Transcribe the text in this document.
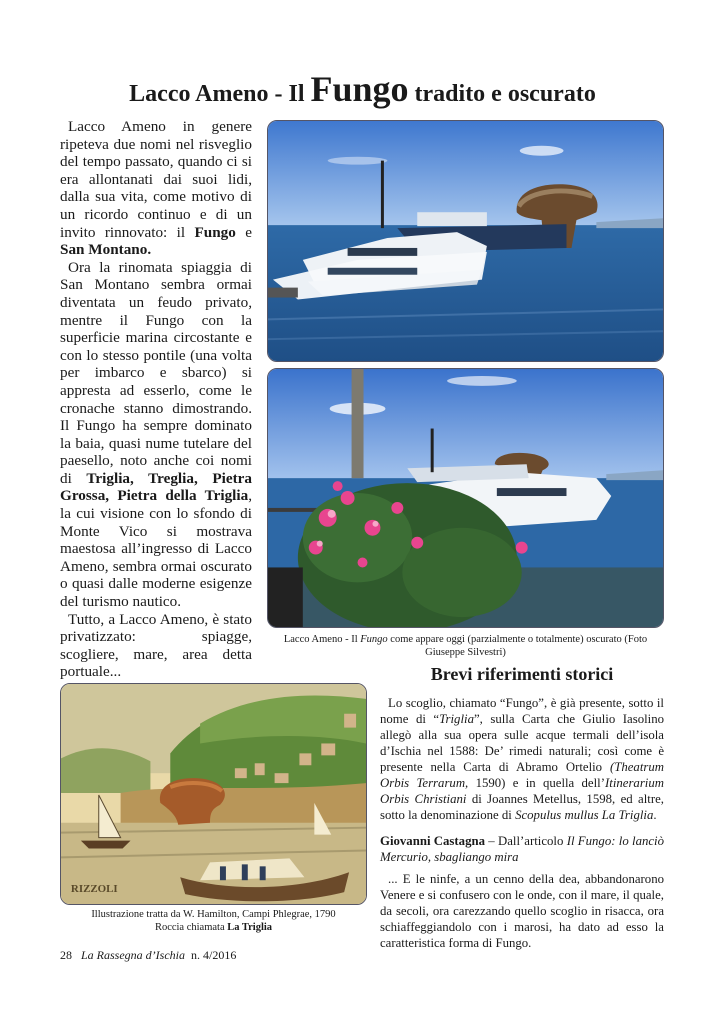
Lacco Ameno - Il Fungo tradito e oscurato

Lacco Ameno in genere ripeteva due nomi nel risveglio del tempo passato, quando ci si era allontanati dai suoi lidi, dalla sua vita, come motivo di un ricordo continuo e di un invito rinnovato: il Fungo e San Montano.

Ora la rinomata spiaggia di San Montano sembra ormai diventata un feudo privato, mentre il Fungo con la superficie marina circostante e con lo stesso pontile (una volta per imbarco e sbarco) si appresta ad esserlo, come le cronache stanno dimostrando. Il Fungo ha sempre dominato la baia, quasi nume tutelare del paesello, noto anche coi nomi di Triglia, Treglia, Pietra Grossa, Pietra della Triglia, la cui visione con lo sfondo di Monte Vico si mostrava maestosa all’ingresso di Lacco Ameno, sembra ormai oscurato o quasi dalle moderne esigenze del turismo nautico.

Tutto, a Lacco Ameno, è stato privatizzato: spiagge, scogliere, mare, area detta portuale...

Lacco Ameno - Il Fungo come appare oggi (parzialmente o totalmente) oscurato (Foto Giuseppe Silvestri)
Brevi riferimenti storici
RIZZOLI
Illustrazione tratta da W. Hamilton, Campi Phlegrae, 1790
Roccia chiamata La Triglia

Lo scoglio, chiamato “Fungo”, è già presente, sotto il nome di “Triglia”, sulla Carta che Giulio Iasolino allegò alla sua opera sulle acque termali dell’isola d’Ischia nel 1588: De’ rimedi naturali; così come è presente nella Carta di Abramo Ortelio (Theatrum Orbis Terrarum, 1590) e in quella dell’Itinerarium Orbis Christiani di Joannes Metellus, 1598, ed altre, sotto la denominazione di Scopulus mullus La Triglia.

Giovanni Castagna – Dall’articolo Il Fungo: lo lanciò Mercurio, sbagliango mira

... E le ninfe, a un cenno della dea, abbandonarono Venere e si confusero con le onde, con il mare, il quale, da secoli, ora carezzando quello scoglio in risacca, ora schiaffeggiandolo con i marosi, ha dato ad esso la caratteristica forma di Fungo.

28 La Rassegna d’Ischia n. 4/2016
